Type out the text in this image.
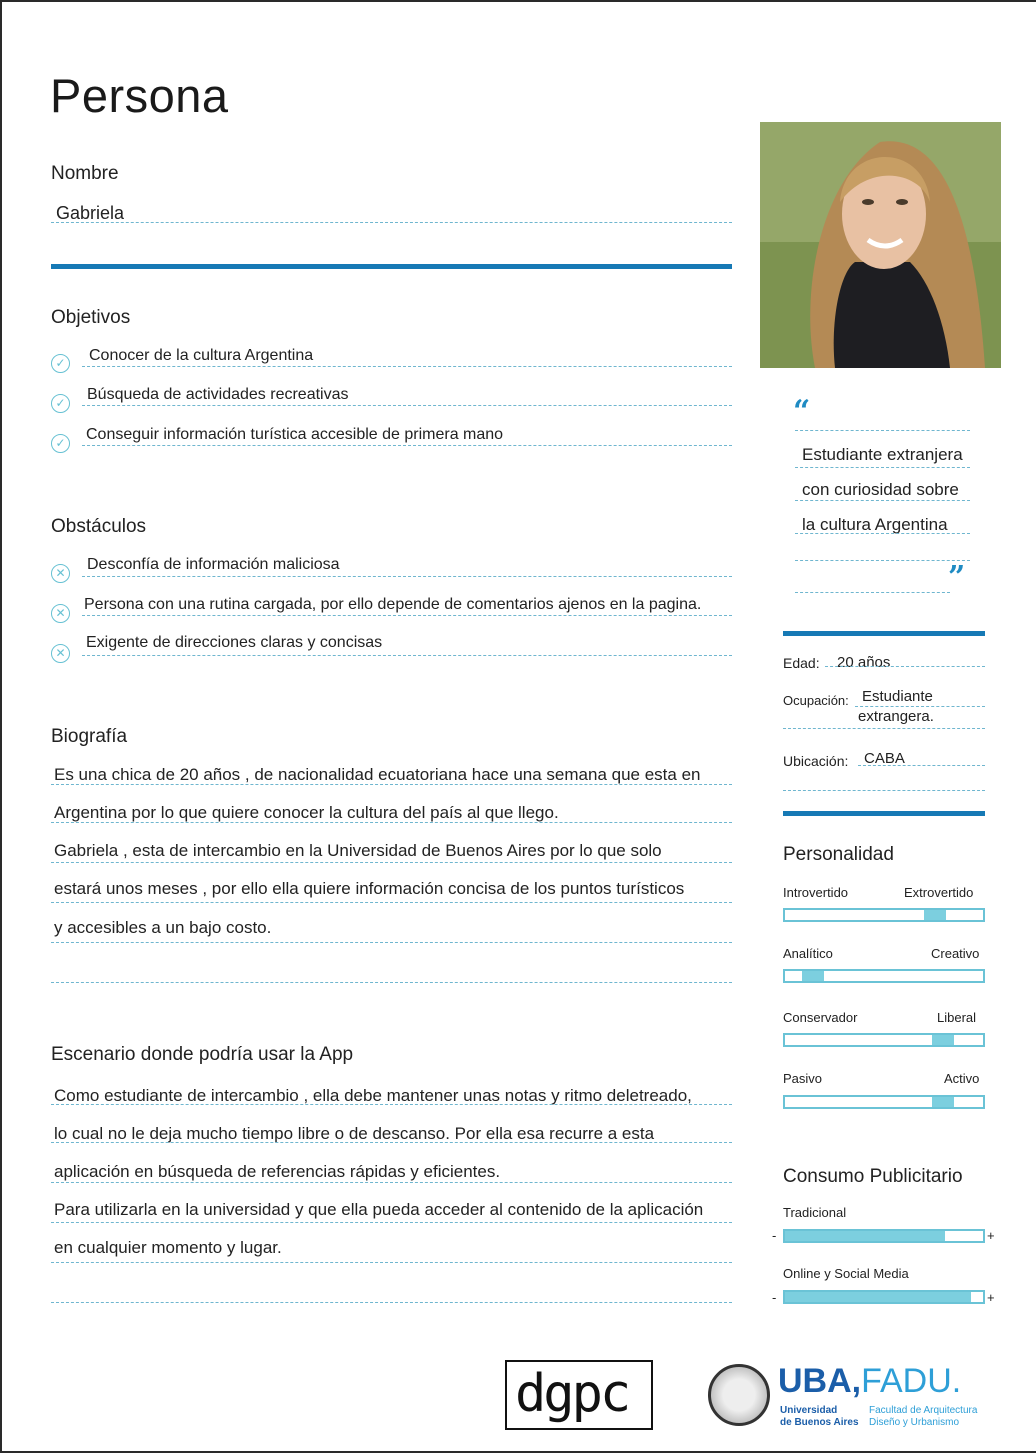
Persona
Nombre
Gabriela
Objetivos
✓ Conocer de la cultura Argentina
✓ Búsqueda de actividades recreativas
✓ Conseguir información turística accesible de primera mano
Obstáculos
✕ Desconfía de información maliciosa
✕ Persona con una rutina cargada, por ello depende de comentarios ajenos en la pagina.
✕
Exigente de direcciones claras y concisas
Biografía
Es una chica de 20 años , de nacionalidad ecuatoriana hace una semana que esta en
Argentina por lo que quiere conocer la cultura del país al que llego.
Gabriela , esta de intercambio en la Universidad de Buenos Aires por lo que solo
estará unos meses , por ello ella quiere información concisa de los puntos turísticos
y accesibles a un bajo costo.
Escenario donde podría usar la App
Como estudiante de intercambio , ella debe mantener unas notas y ritmo deletreado,
lo cual no le deja mucho tiempo libre o de descanso. Por ella esa recurre a esta
aplicación en búsqueda de referencias rápidas y eficientes.
Para utilizarla en la universidad y que ella pueda acceder al contenido de la aplicación
en cualquier momento y lugar.
“
Estudiante extranjera
con curiosidad sobre
la cultura Argentina
”
Edad: 20 años
Ocupación: Estudiante
extrangera.
Ubicación: CABA
Personalidad
Introvertido	Extrovertido
Analítico	Creativo
Conservador	Liberal
Pasivo	Activo
Consumo Publicitario
Tradicional
-	+
Online y Social Media
-	+
dgpc	UBA,FADU.
Universidad
de Buenos Aires
Facultad de Arquitectura
Diseño y Urbanismo
